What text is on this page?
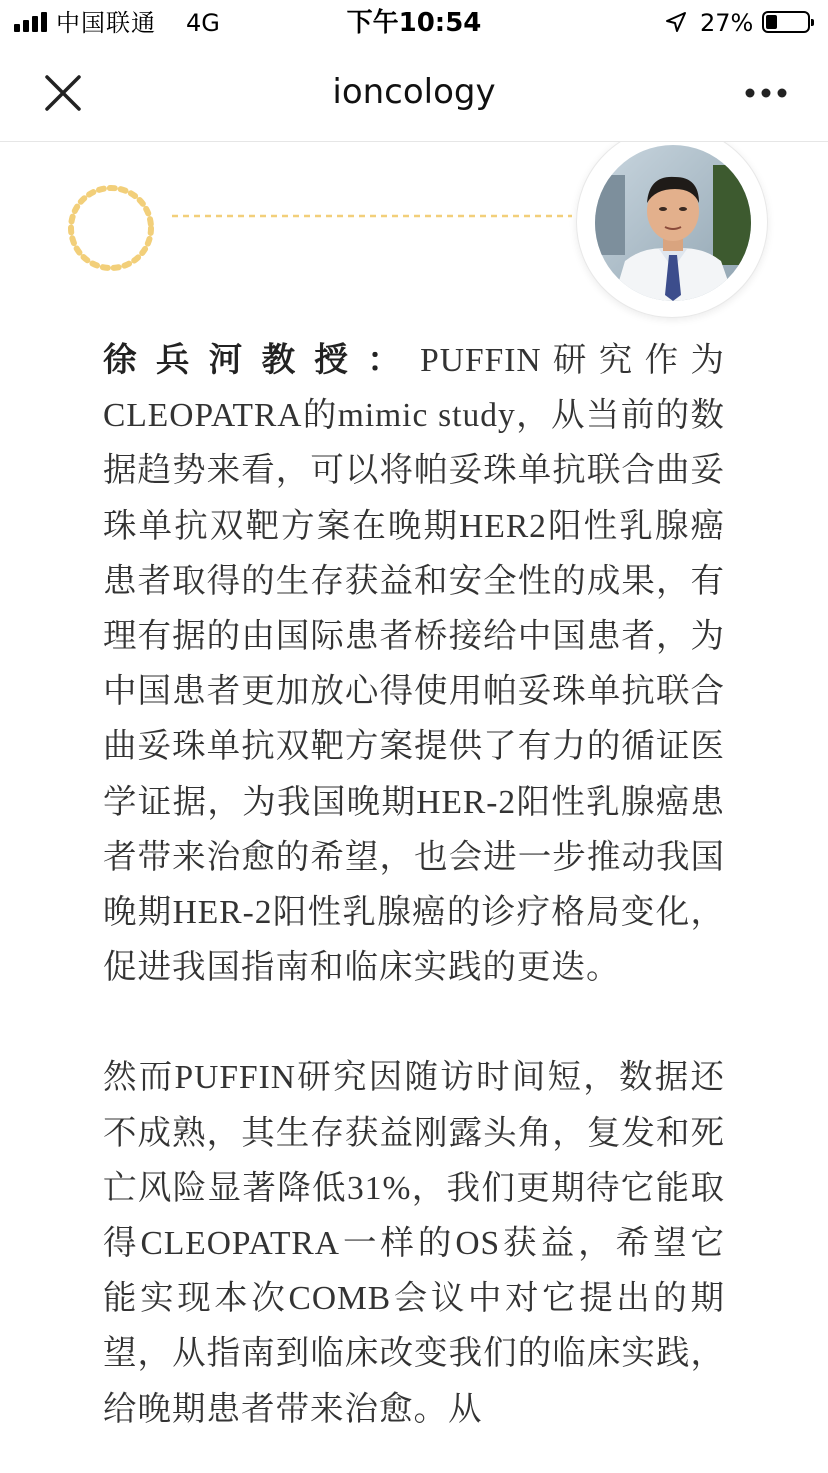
中国联通 4G	下午10:54	27%
ioncology

徐兵河教授：PUFFIN研究作为CLEOPATRA的mimic study，从当前的数据趋势来看，可以将帕妥珠单抗联合曲妥珠单抗双靶方案在晚期HER2阳性乳腺癌患者取得的生存获益和安全性的成果，有理有据的由国际患者桥接给中国患者，为中国患者更加放心得使用帕妥珠单抗联合曲妥珠单抗双靶方案提供了有力的循证医学证据，为我国晚期HER-2阳性乳腺癌患者带来治愈的希望，也会进一步推动我国晚期HER-2阳性乳腺癌的诊疗格局变化，促进我国指南和临床实践的更迭。

然而PUFFIN研究因随访时间短，数据还不成熟，其生存获益刚露头角，复发和死亡风险显著降低31%，我们更期待它能取得CLEOPATRA一样的OS获益，希望它能实现本次COMB会议中对它提出的期望，从指南到临床改变我们的临床实践，给晚期患者带来治愈。从
